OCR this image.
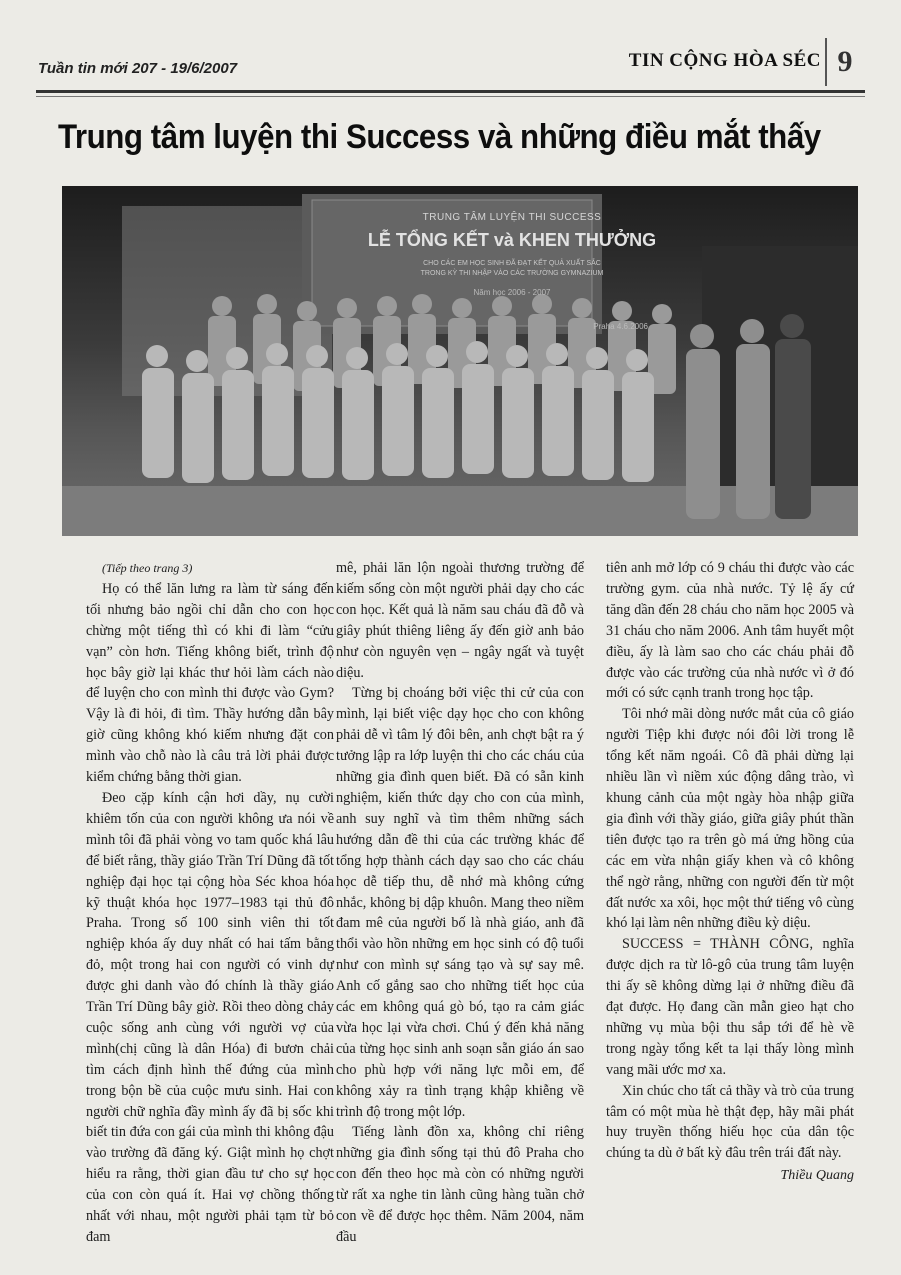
Tuần tin mới 207 - 19/6/2007	TIN CỘNG HÒA SÉC 9
Trung tâm luyện thi Success và những điều mắt thấy
TRUNG TÂM LUYỆN THI SUCCESS
LỄ TỔNG KẾT và KHEN THƯỞNG
CHO CÁC EM HỌC SINH ĐÃ ĐẠT KẾT QUẢ XUẤT SẮC
TRONG KỲ THI NHẬP VÀO CÁC TRƯỜNG GYMNAZIUM
Năm học 2006 - 2007
Praha 4.6.2006

(Tiếp theo trang 3)

Họ có thể lăn lưng ra làm từ sáng đến tối nhưng bảo ngồi chỉ dẫn cho con học chừng một tiếng thì có khi đi làm “cửu vạn” còn hơn. Tiếng không biết, trình độ học bây giờ lại khác thư hỏi làm cách nào để luyện cho con mình thi được vào Gym? Vậy là đi hỏi, đi tìm. Thầy hướng dẫn bây giờ cũng không khó kiếm nhưng đặt con mình vào chỗ nào là câu trả lời phải được kiểm chứng bằng thời gian.

Đeo cặp kính cận hơi dầy, nụ cười khiêm tốn của con người không ưa nói về mình tôi đã phải vòng vo tam quốc khá lâu để biết rằng, thầy giáo Trần Trí Dũng đã tốt nghiệp đại học tại cộng hòa Séc khoa hóa kỹ thuật khóa học 1977–1983 tại thủ đô Praha. Trong số 100 sinh viên thi tốt nghiệp khóa ấy duy nhất có hai tấm bằng đỏ, một trong hai con người có vinh dự được ghi danh vào đó chính là thầy giáo Trần Trí Dũng bây giờ. Rồi theo dòng chảy cuộc sống anh cùng với người vợ của mình(chị cũng là dân Hóa) đi bươn chải tìm cách định hình thế đứng của mình trong bộn bề của cuộc mưu sinh. Hai con người chữ nghĩa đầy mình ấy đã bị sốc khi biết tin đứa con gái của mình thi không đậu vào trường đã đăng ký. Giật mình họ chợt hiểu ra rằng, thời gian đầu tư cho sự học của con còn quá ít. Hai vợ chồng thống nhất với nhau, một người phải tạm từ bỏ đam

mê, phải lăn lộn ngoài thương trường để kiếm sống còn một người phải dạy cho các con học. Kết quả là năm sau cháu đã đỗ và giây phút thiêng liêng ấy đến giờ anh bảo như còn nguyên vẹn – ngây ngất và tuyệt diệu.

Từng bị choáng bởi việc thi cử của con mình, lại biết việc dạy học cho con không phải dễ vì tâm lý đôi bên, anh chợt bật ra ý tưởng lập ra lớp luyện thi cho các cháu của những gia đình quen biết. Đã có sẵn kinh nghiệm, kiến thức dạy cho con của mình, anh suy nghĩ và tìm thêm những sách hướng dẫn đề thi của các trường khác để tổng hợp thành cách dạy sao cho các cháu học dễ tiếp thu, dễ nhớ mà không cứng nhắc, không bị dập khuôn. Mang theo niềm đam mê của người bố là nhà giáo, anh đã thổi vào hồn những em học sinh có độ tuổi như con mình sự sáng tạo và sự say mê. Anh cố gắng sao cho những tiết học của các em không quá gò bó, tạo ra cảm giác vừa học lại vừa chơi. Chú ý đến khả năng của từng học sinh anh soạn sẵn giáo án sao cho phù hợp với năng lực mỗi em, để không xảy ra tình trạng khập khiễng về trình độ trong một lớp.

Tiếng lành đồn xa, không chỉ riêng những gia đình sống tại thủ đô Praha cho con đến theo học mà còn có những người từ rất xa nghe tin lành cũng hàng tuần chở con về để được học thêm. Năm 2004, năm đầu

tiên anh mở lớp có 9 cháu thi được vào các trường gym. của nhà nước. Tỷ lệ ấy cứ tăng dần đến 28 cháu cho năm học 2005 và 31 cháu cho năm 2006. Anh tâm huyết một điều, ấy là làm sao cho các cháu phải đỗ được vào các trường của nhà nước vì ở đó mới có sức cạnh tranh trong học tập.

Tôi nhớ mãi dòng nước mắt của cô giáo người Tiệp khi được nói đôi lời trong lễ tổng kết năm ngoái. Cô đã phải dừng lại nhiều lần vì niềm xúc động dâng trào, vì khung cảnh của một ngày hòa nhập giữa gia đình với thầy giáo, giữa giây phút thần tiên được tạo ra trên gò má ửng hồng của các em vừa nhận giấy khen và cô không thể ngờ rằng, những con người đến từ một đất nước xa xôi, học một thứ tiếng vô cùng khó lại làm nên những điều kỳ diệu.

SUCCESS = THÀNH CÔNG, nghĩa được dịch ra từ lô-gô của trung tâm luyện thi ấy sẽ không dừng lại ở những điều đã đạt được. Họ đang cần mẫn gieo hạt cho những vụ mùa bội thu sắp tới để hè về trong ngày tổng kết ta lại thấy lòng mình vang mãi ước mơ xa.

Xin chúc cho tất cả thầy và trò của trung tâm có một mùa hè thật đẹp, hãy mãi phát huy truyền thống hiếu học của dân tộc chúng ta dù ở bất kỳ đâu trên trái đất này.

Thiều Quang
